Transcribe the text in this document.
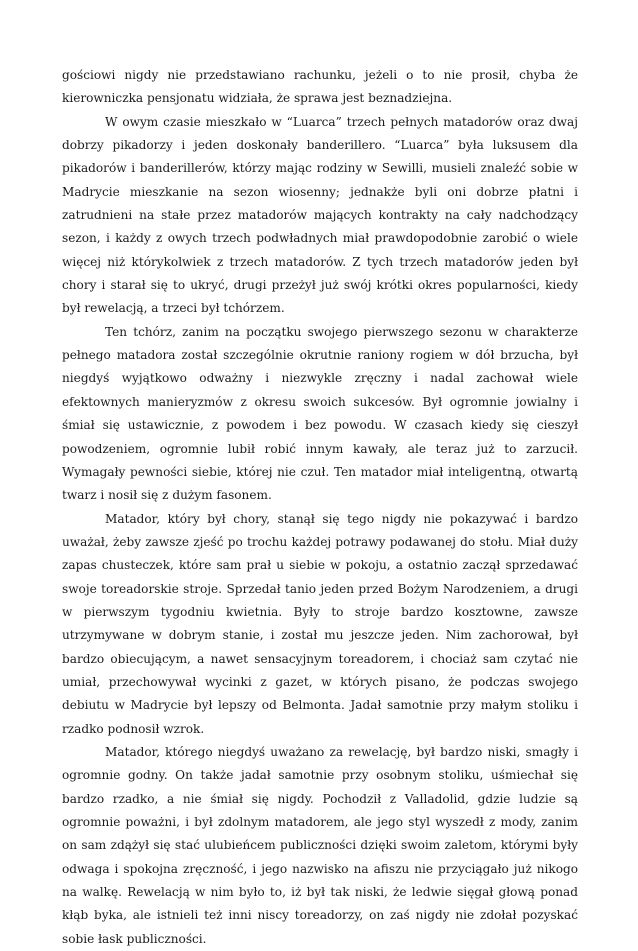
gościowi nigdy nie przedstawiano rachunku, jeżeli o to nie prosił, chyba że kierowniczka pensjonatu widziała, że sprawa jest beznadziejna.

W owym czasie mieszkało w “Luarca” trzech pełnych matadorów oraz dwaj dobrzy pikadorzy i jeden doskonały banderillero. “Luarca” była luksusem dla pikadorów i banderillerów, którzy mając rodziny w Sewilli, musieli znaleźć sobie w Madrycie mieszkanie na sezon wiosenny; jednakże byli oni dobrze płatni i zatrudnieni na stałe przez matadorów mających kontrakty na cały nadchodzący sezon, i każdy z owych trzech podwładnych miał prawdopodobnie zarobić o wiele więcej niż którykolwiek z trzech matadorów. Z tych trzech matadorów jeden był chory i starał się to ukryć, drugi przeżył już swój krótki okres popularności, kiedy był rewelacją, a trzeci był tchórzem.

Ten tchórz, zanim na początku swojego pierwszego sezonu w charakterze pełnego matadora został szczególnie okrutnie raniony rogiem w dół brzucha, był niegdyś wyjątkowo odważny i niezwykle zręczny i nadal zachował wiele efektownych manieryzmów z okresu swoich sukcesów. Był ogromnie jowialny i śmiał się ustawicznie, z powodem i bez powodu. W czasach kiedy się cieszył powodzeniem, ogromnie lubił robić innym kawały, ale teraz już to zarzucił. Wymagały pewności siebie, której nie czuł. Ten matador miał inteligentną, otwartą twarz i nosił się z dużym fasonem.

Matador, który był chory, stanął się tego nigdy nie pokazywać i bardzo uważał, żeby zawsze zjeść po trochu każdej potrawy podawanej do stołu. Miał duży zapas chusteczek, które sam prał u siebie w pokoju, a ostatnio zaczął sprzedawać swoje toreadorskie stroje. Sprzedał tanio jeden przed Bożym Narodzeniem, a drugi w pierwszym tygodniu kwietnia. Były to stroje bardzo kosztowne, zawsze utrzymywane w dobrym stanie, i został mu jeszcze jeden. Nim zachorował, był bardzo obiecującym, a nawet sensacyjnym toreadorem, i chociaż sam czytać nie umiał, przechowywał wycinki z gazet, w których pisano, że podczas swojego debiutu w Madrycie był lepszy od Belmonta. Jadał samotnie przy małym stoliku i rzadko podnosił wzrok.

Matador, którego niegdyś uważano za rewelację, był bardzo niski, smagły i ogromnie godny. On także jadał samotnie przy osobnym stoliku, uśmiechał się bardzo rzadko, a nie śmiał się nigdy. Pochodził z Valladolid, gdzie ludzie są ogromnie poważni, i był zdolnym matadorem, ale jego styl wyszedł z mody, zanim on sam zdążył się stać ulubieńcem publiczności dzięki swoim zaletom, którymi były odwaga i spokojna zręczność, i jego nazwisko na afiszu nie przyciągało już nikogo na walkę. Rewelacją w nim było to, iż był tak niski, że ledwie sięgał głową ponad kłąb byka, ale istnieli też inni niscy toreadorzy, on zaś nigdy nie zdołał pozyskać sobie łask publiczności.
